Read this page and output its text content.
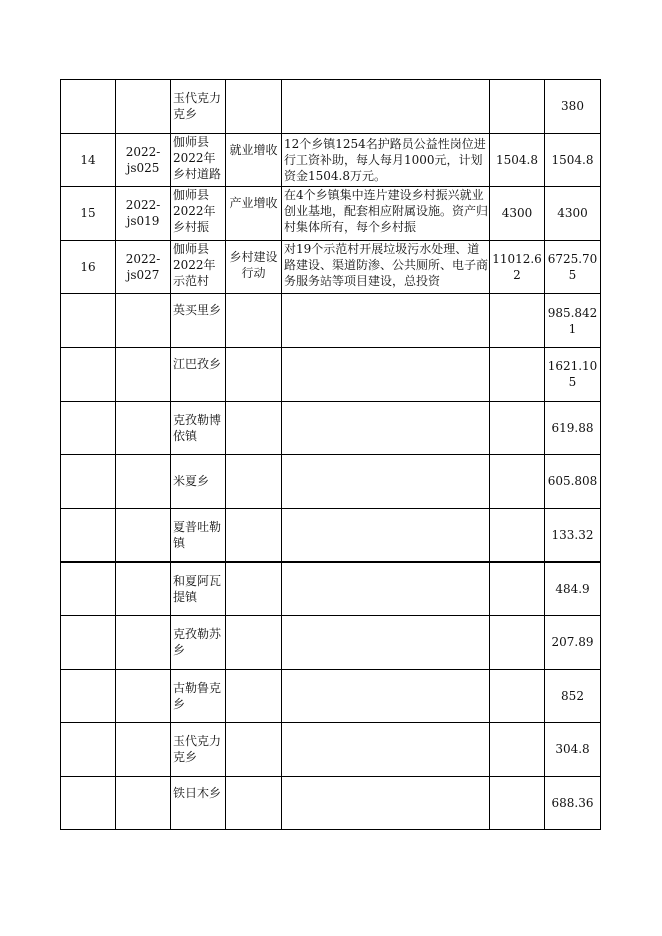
		玉代克力克乡				380
14	2022-js025	伽师县2022年乡村道路	就业增收	12个乡镇1254名护路员公益性岗位进行工资补助，每人每月1000元，计划资金1504.8万元。	1504.8	1504.8
15	2022-js019	伽师县2022年乡村振	产业增收	在4个乡镇集中连片建设乡村振兴就业创业基地，配套相应附属设施。资产归村集体所有，每个乡村振	4300	4300
16	2022-js027	伽师县2022年示范村	乡村建设行动	对19个示范村开展垃圾污水处理、道路建设、渠道防渗、公共厕所、电子商务服务站等项目建设，总投资	11012.62	6725.705
		英买里乡				985.8421
		江巴孜乡				1621.105
		克孜勒博依镇				619.88
		米夏乡				605.808
		夏普吐勒镇				133.32
		和夏阿瓦提镇				484.9
		克孜勒苏乡				207.89
		古勒鲁克乡				852
		玉代克力克乡				304.8
		铁日木乡				688.36
